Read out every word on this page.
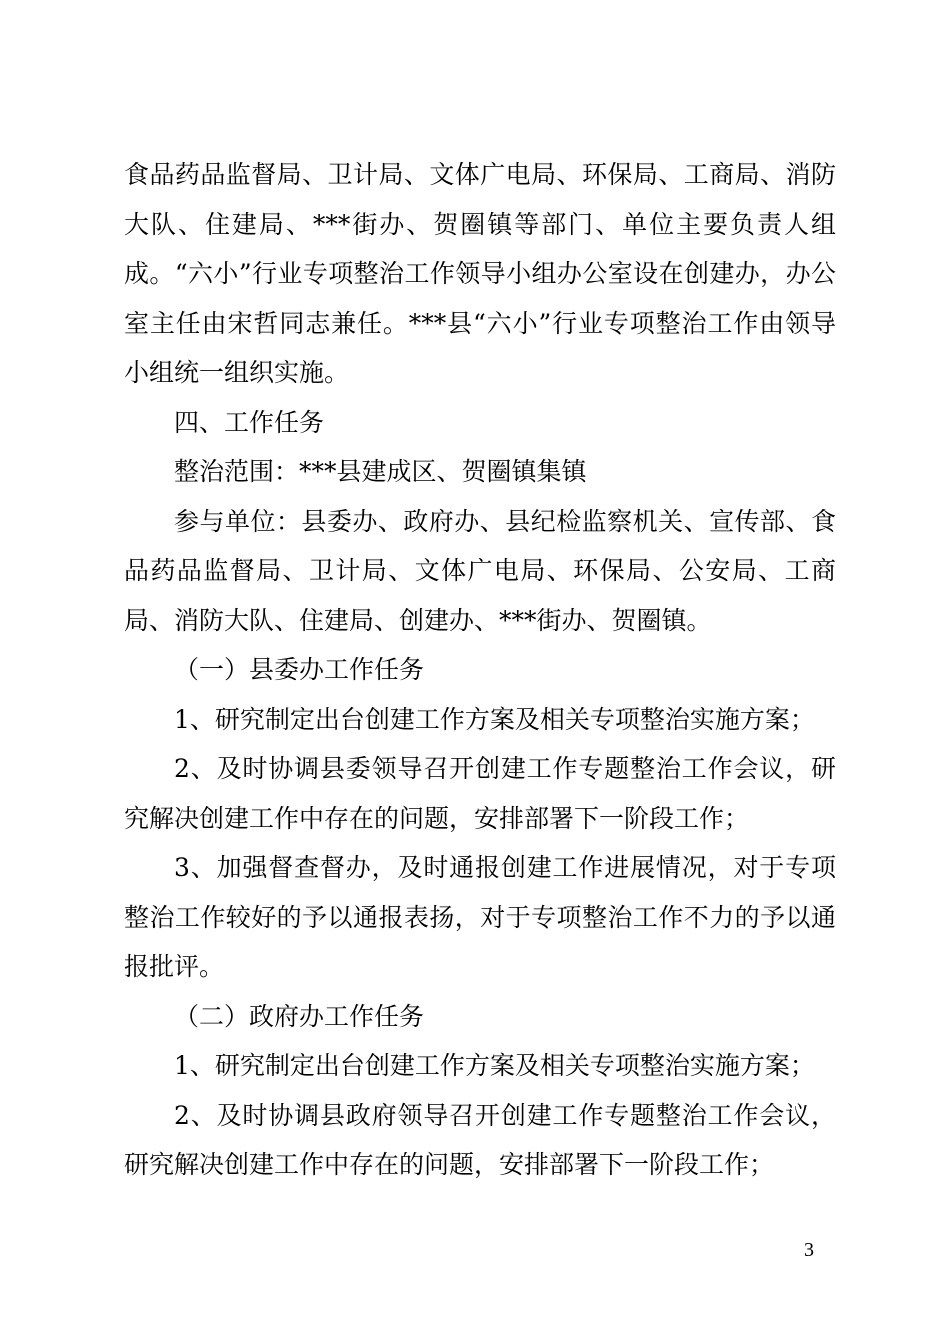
食品药品监督局、卫计局、文体广电局、环保局、工商局、消防大队、住建局、***街办、贺圈镇等部门、单位主要负责人组成。“六小”行业专项整治工作领导小组办公室设在创建办，办公室主任由宋哲同志兼任。***县“六小”行业专项整治工作由领导小组统一组织实施。

四、工作任务

整治范围：***县建成区、贺圈镇集镇

参与单位：县委办、政府办、县纪检监察机关、宣传部、食品药品监督局、卫计局、文体广电局、环保局、公安局、工商局、消防大队、住建局、创建办、***街办、贺圈镇。

（一）县委办工作任务

1、研究制定出台创建工作方案及相关专项整治实施方案；

2、及时协调县委领导召开创建工作专题整治工作会议，研究解决创建工作中存在的问题，安排部署下一阶段工作；

3、加强督查督办，及时通报创建工作进展情况，对于专项整治工作较好的予以通报表扬，对于专项整治工作不力的予以通报批评。

（二）政府办工作任务

1、研究制定出台创建工作方案及相关专项整治实施方案；

2、及时协调县政府领导召开创建工作专题整治工作会议，研究解决创建工作中存在的问题，安排部署下一阶段工作；

3
